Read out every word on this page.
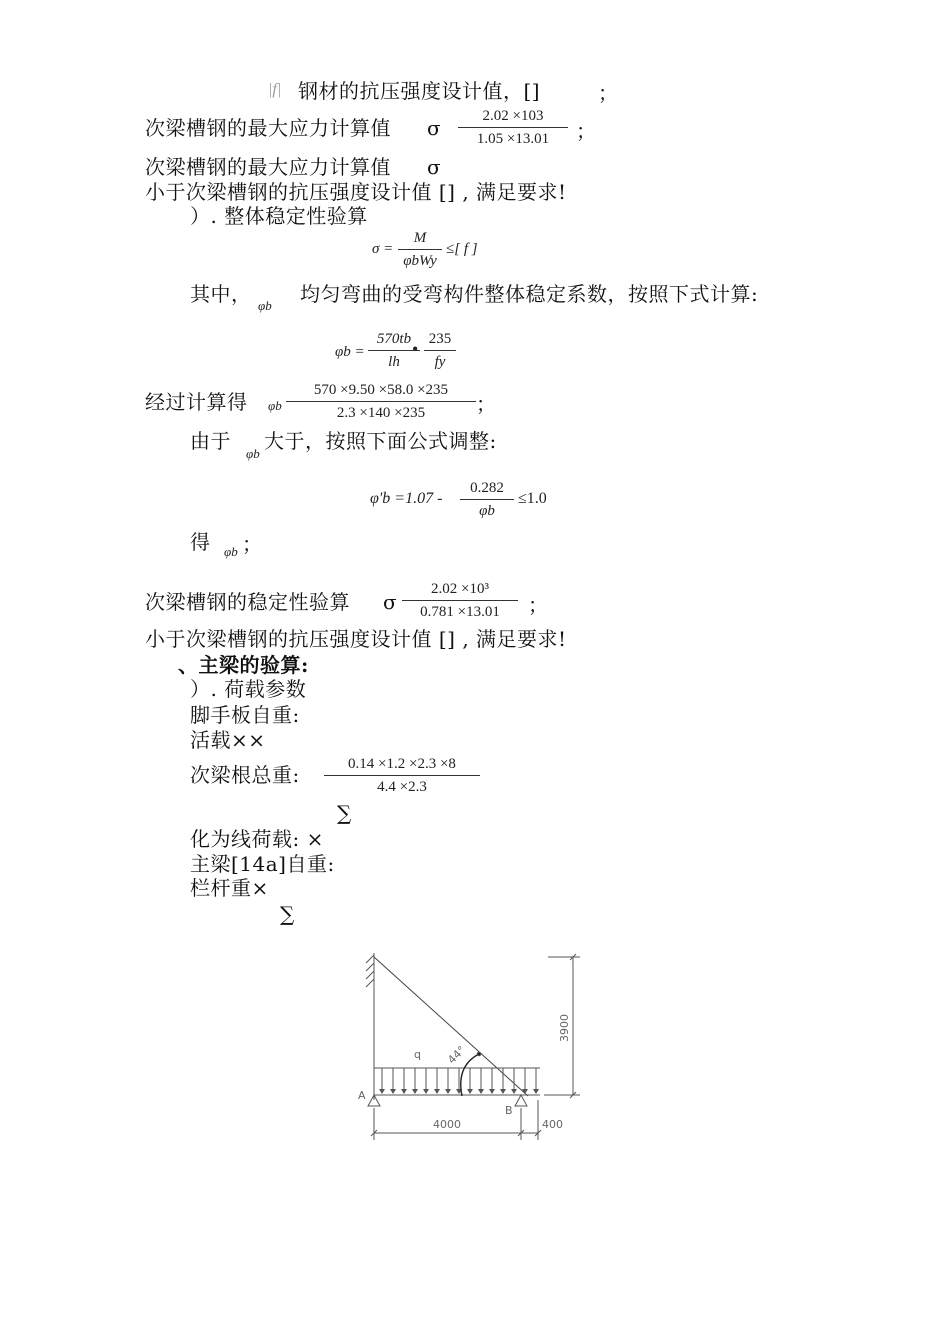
|f| 钢材的抗压强度设计值，[]	；
次梁槽钢的最大应力计算值 σ $\frac{2.02 \times 103}{1.05 \times 13.01}$ ；
次梁槽钢的最大应力计算值 σ
小于次梁槽钢的抗压强度设计值 [] , 满足要求!
）. 整体稳定性验算
σ =
M
φbWy
≤[ f ]
其中， φb 均匀弯曲的受弯构件整体稳定系数，按照下式计算:
$\varphi b = \frac{570tb}{lh}$
• $\frac{235}{fy}$
经过计算得 φb $\frac{570 \times 9.50 \times 58.0 \times 235}{2.3 \times 140 \times 235}$ ；
由于
φb
大于，按照下面公式调整:
$\varphi'b =1.07 - \frac{0.282}{\varphi b} \le 1.0$
得 φb ；
次梁槽钢的稳定性验算 σ $\frac{\text{2.02 ×10³}}{0.781 \times 13.01}$ ；
小于次梁槽钢的抗压强度设计值 [] , 满足要求!
、主梁的验算:
）. 荷载参数
脚手板自重:
活载××
次梁根总重: $\frac{0.14 \times 1.2 \times 2.3 \times 8}{4.4 \times 2.3}$
∑
化为线荷载: ×
主梁[14a]自重:
栏杆重×
∑
q 44°
A
B
4000	400
3900
